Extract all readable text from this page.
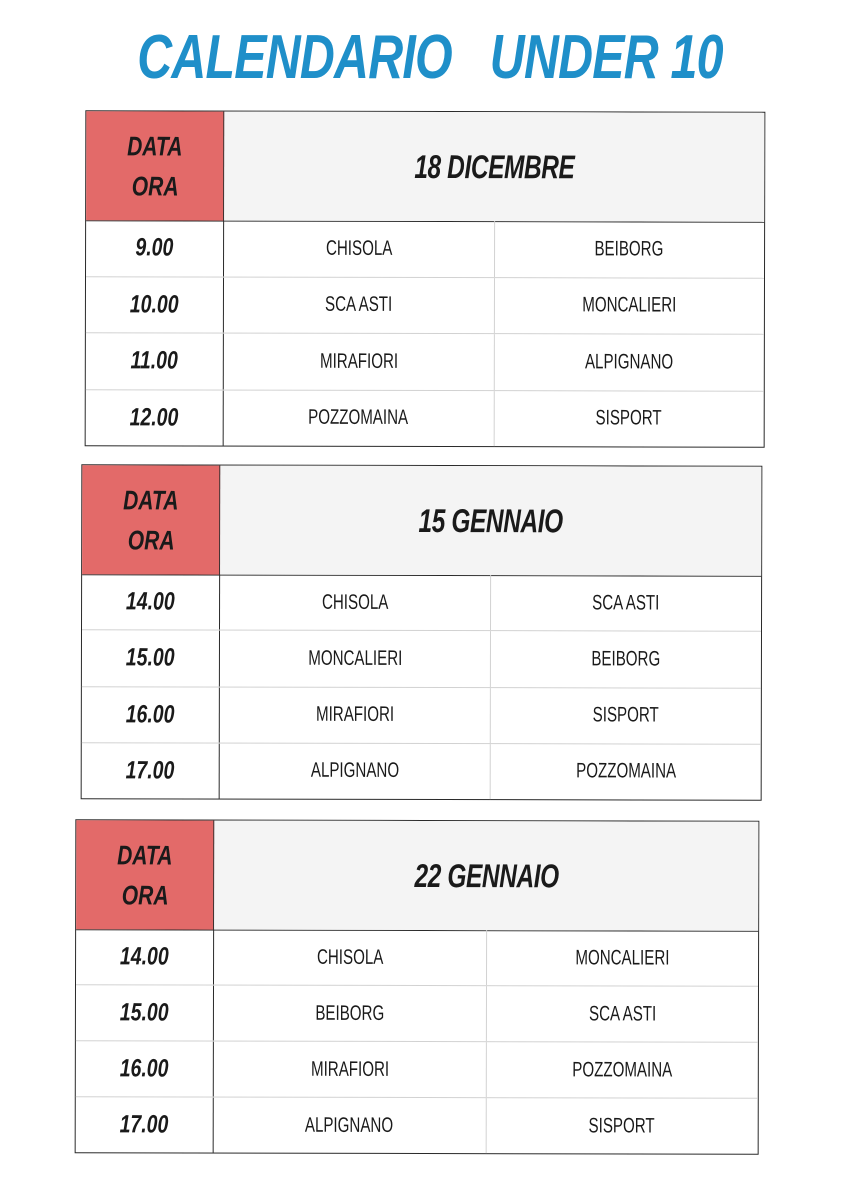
CALENDARIO   UNDER 10
DATA
ORA
18 DICEMBRE
9.00	CHISOLA	BEIBORG
10.00	SCA ASTI	MONCALIERI
11.00	MIRAFIORI	ALPIGNANO
12.00	POZZOMAINA	SISPORT
DATA
ORA
15 GENNAIO
14.00	CHISOLA	SCA ASTI
15.00	MONCALIERI	BEIBORG
16.00	MIRAFIORI	SISPORT
17.00	ALPIGNANO	POZZOMAINA
DATA
ORA
22 GENNAIO
14.00	CHISOLA	MONCALIERI
15.00	BEIBORG	SCA ASTI
16.00	MIRAFIORI	POZZOMAINA
17.00	ALPIGNANO	SISPORT
